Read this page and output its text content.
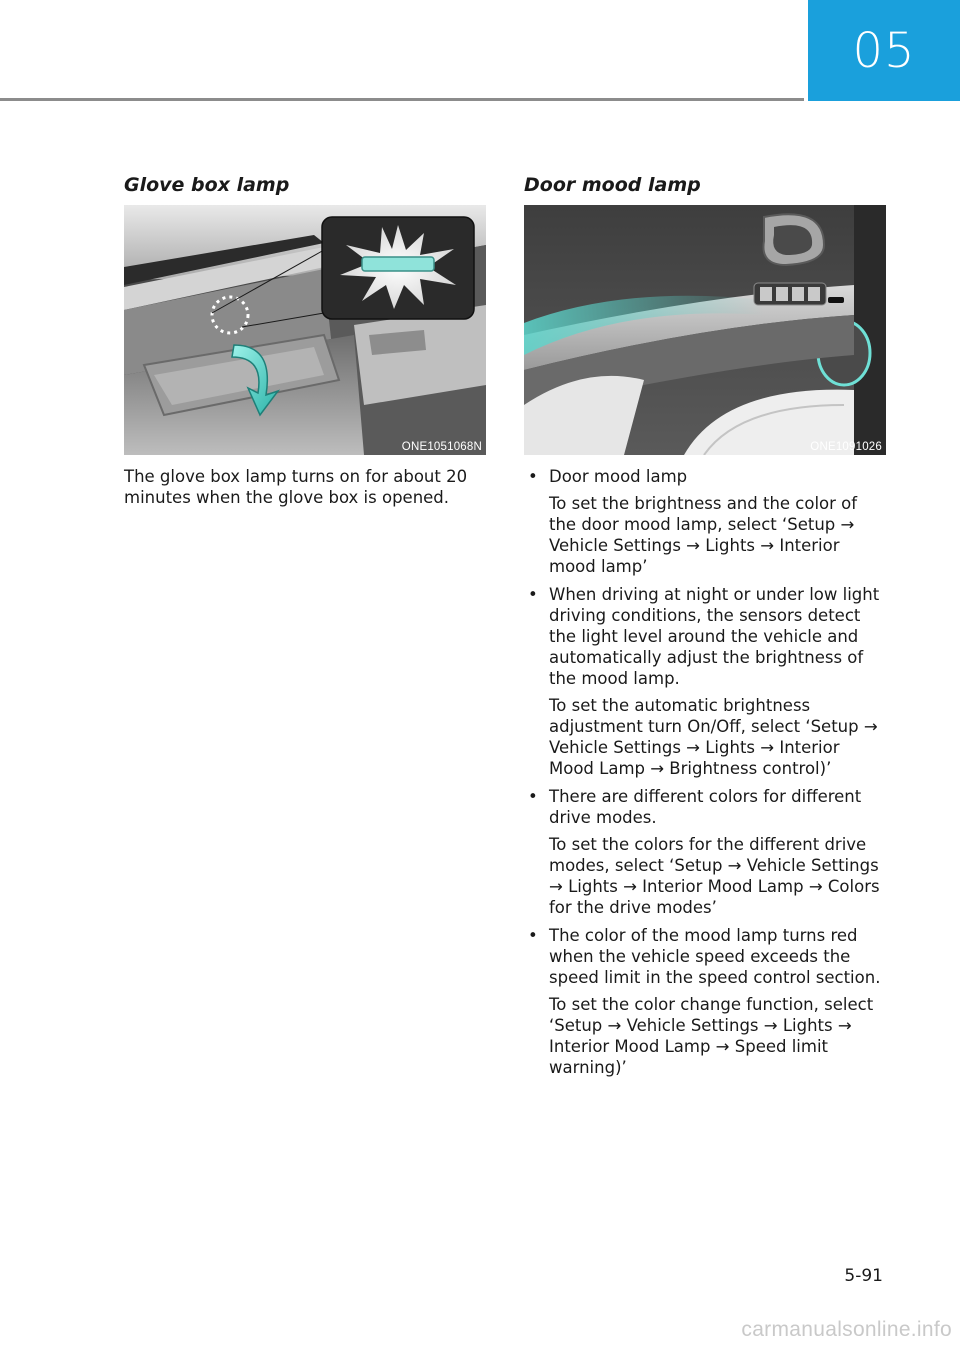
05
Glove box lamp
ONE1051068N
The glove box lamp turns on for about 20 minutes when the glove box is opened.
Door mood lamp
ONE1091026
• Door mood lamp
To set the brightness and the color of the door mood lamp, select ‘Setup → Vehicle Settings → Lights → Interior mood lamp’
• When driving at night or under low light driving conditions, the sensors detect the light level around the vehicle and automatically adjust the brightness of the mood lamp.
To set the automatic brightness adjustment turn On/Off, select ‘Setup → Vehicle Settings → Lights → Interior Mood Lamp → Brightness control)’
• There are different colors for different drive modes.
To set the colors for the different drive modes, select ‘Setup → Vehicle Settings → Lights → Interior Mood Lamp → Colors for the drive modes’
• The color of the mood lamp turns red when the vehicle speed exceeds the speed limit in the speed control section.
To set the color change function, select ‘Setup → Vehicle Settings → Lights → Interior Mood Lamp → Speed limit warning)’
5-91
carmanualsonline.info
